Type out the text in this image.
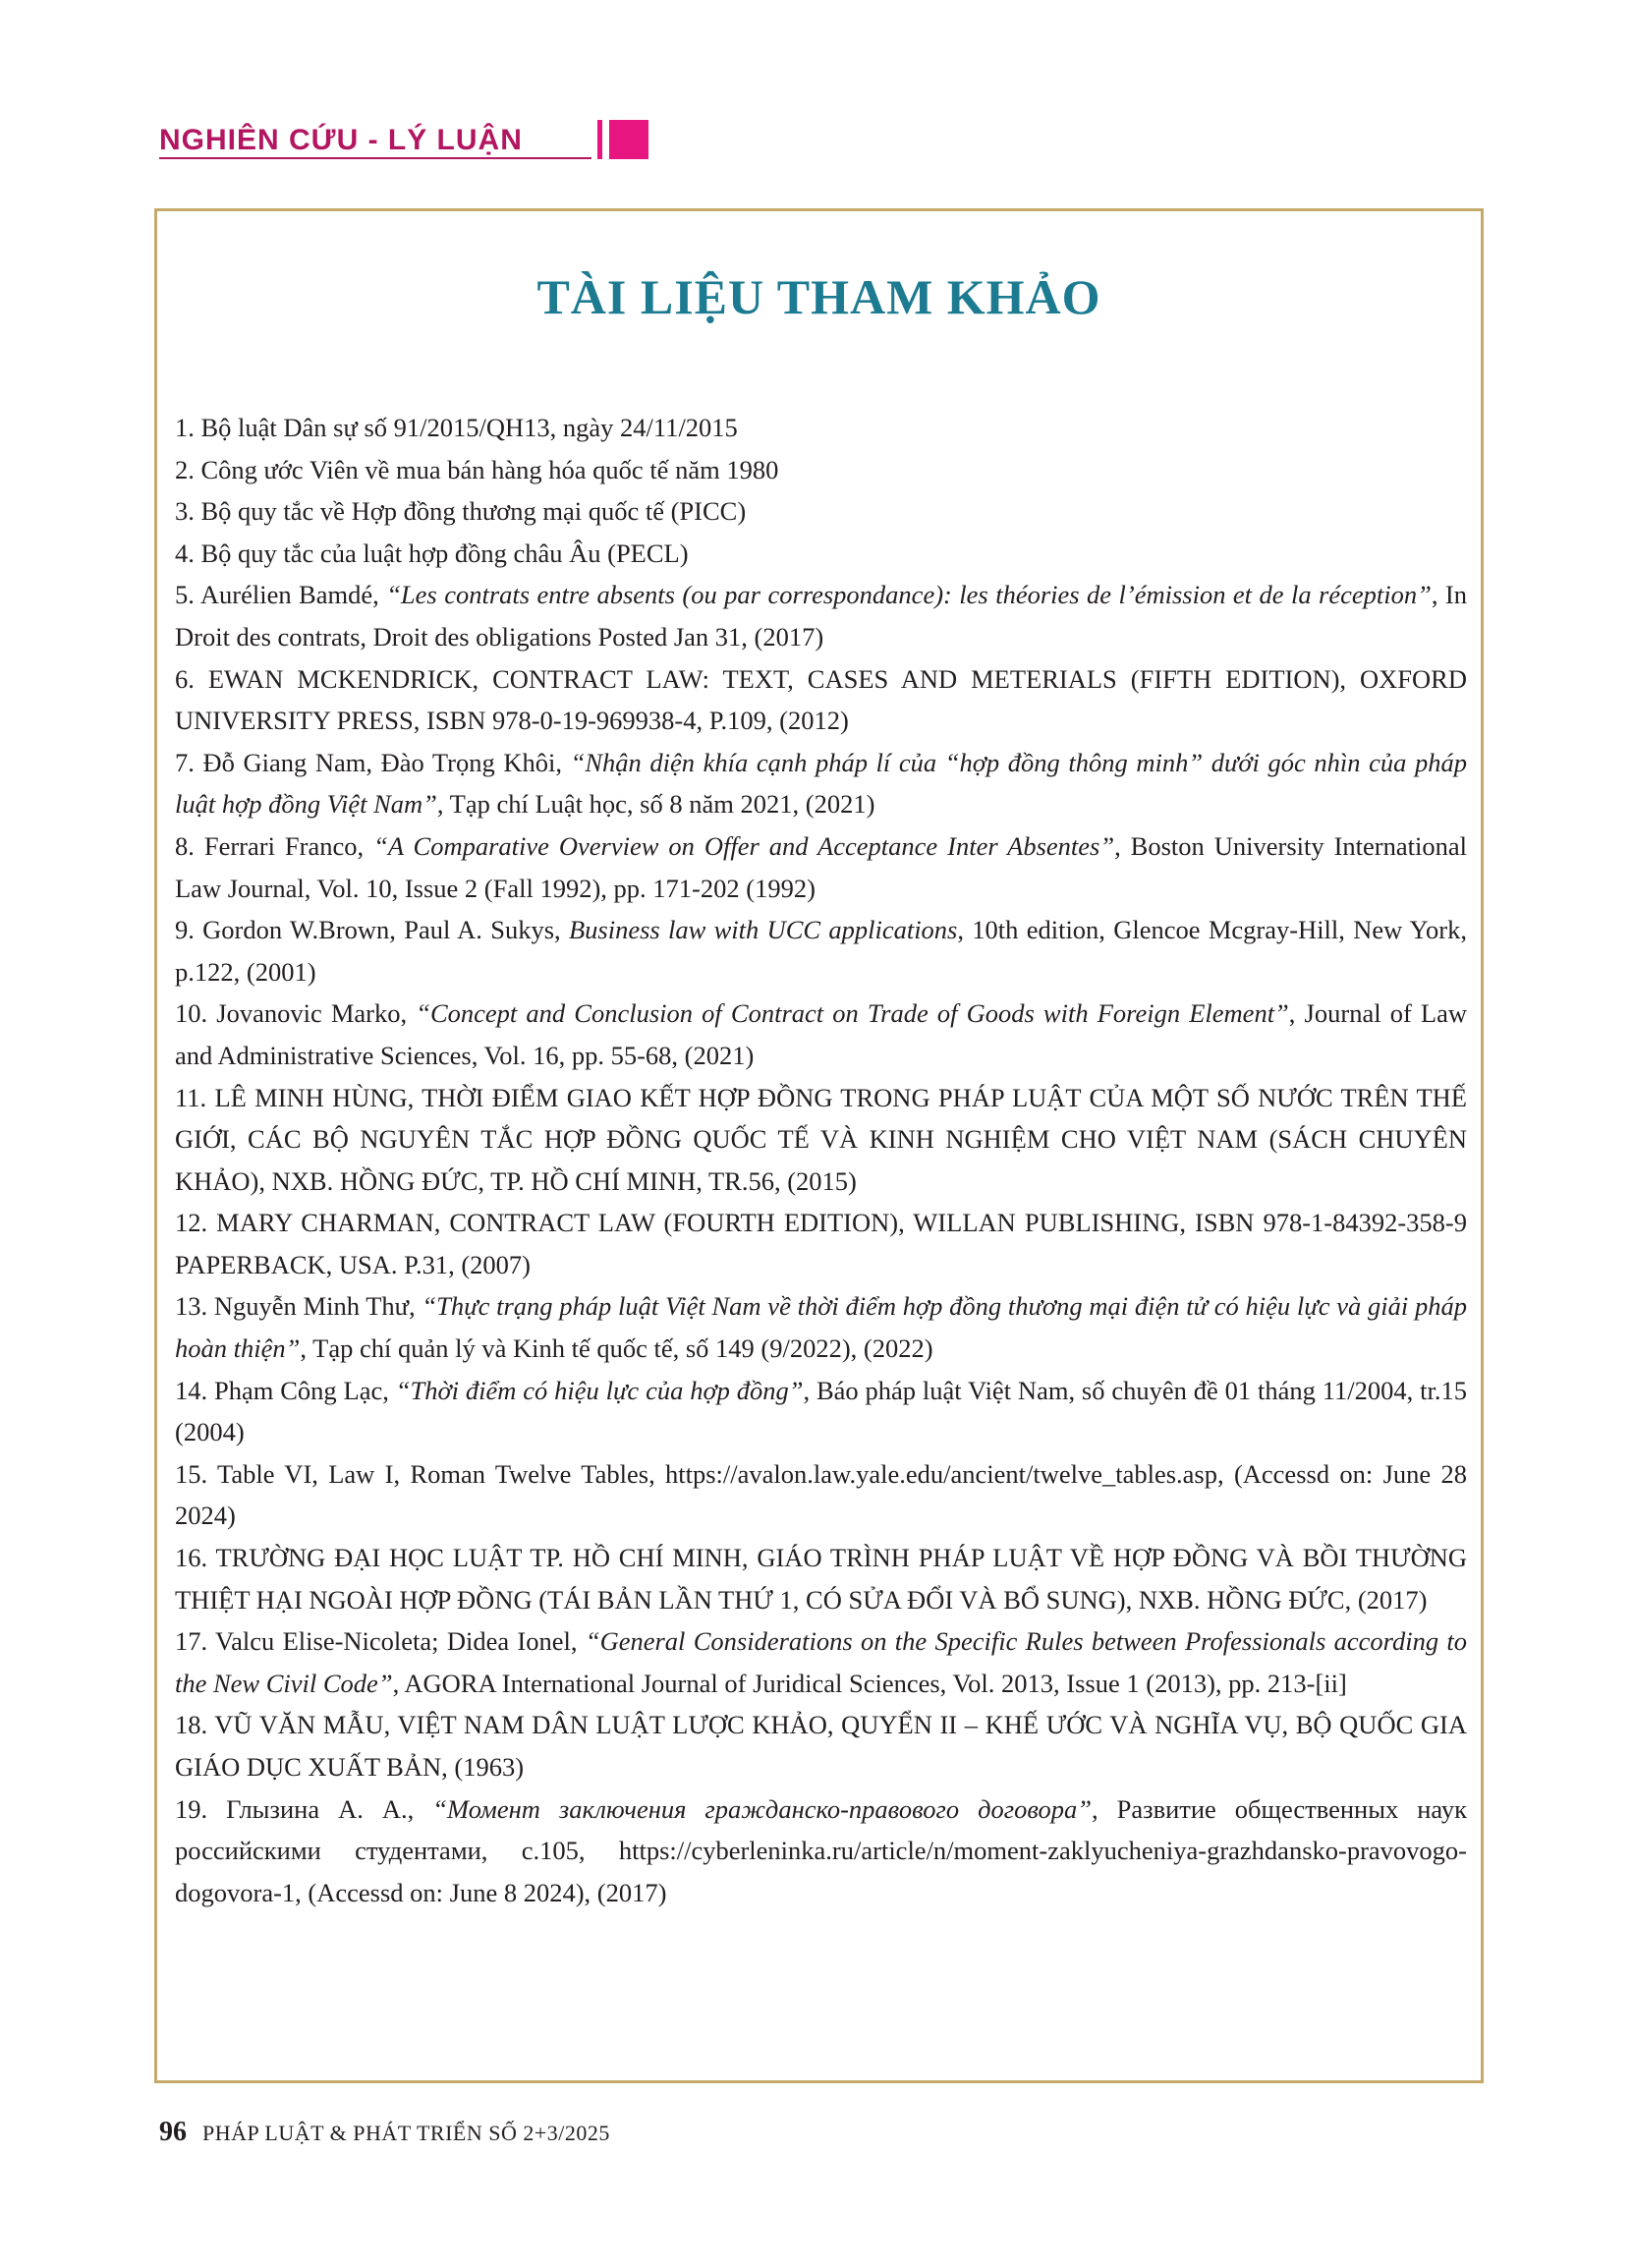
NGHIÊN CỨU - LÝ LUẬN
TÀI LIỆU THAM KHẢO
1. Bộ luật Dân sự số 91/2015/QH13, ngày 24/11/2015
2. Công ước Viên về mua bán hàng hóa quốc tế năm 1980
3. Bộ quy tắc về Hợp đồng thương mại quốc tế (PICC)
4. Bộ quy tắc của luật hợp đồng châu Âu (PECL)
5. Aurélien Bamdé, “Les contrats entre absents (ou par correspondance): les théories de l’émission et de la réception”, In Droit des contrats, Droit des obligations Posted Jan 31, (2017)
6. EWAN MCKENDRICK, CONTRACT LAW: TEXT, CASES AND METERIALS (FIFTH EDITION), OXFORD UNIVERSITY PRESS, ISBN 978-0-19-969938-4, P.109, (2012)
7. Đỗ Giang Nam, Đào Trọng Khôi, “Nhận diện khía cạnh pháp lí của “hợp đồng thông minh” dưới góc nhìn của pháp luật hợp đồng Việt Nam”, Tạp chí Luật học, số 8 năm 2021, (2021)
8. Ferrari Franco, “A Comparative Overview on Offer and Acceptance Inter Absentes”, Boston University International Law Journal, Vol. 10, Issue 2 (Fall 1992), pp. 171-202 (1992)
9. Gordon W.Brown, Paul A. Sukys, Business law with UCC applications, 10th edition, Glencoe Mcgray-Hill, New York, p.122, (2001)
10. Jovanovic Marko, “Concept and Conclusion of Contract on Trade of Goods with Foreign Element”, Journal of Law and Administrative Sciences, Vol. 16, pp. 55-68, (2021)
11. LÊ MINH HÙNG, THỜI ĐIỂM GIAO KẾT HỢP ĐỒNG TRONG PHÁP LUẬT CỦA MỘT SỐ NƯỚC TRÊN THẾ GIỚI, CÁC BỘ NGUYÊN TẮC HỢP ĐỒNG QUỐC TẾ VÀ KINH NGHIỆM CHO VIỆT NAM (SÁCH CHUYÊN KHẢO), NXB. HỒNG ĐỨC, TP. HỒ CHÍ MINH, TR.56, (2015)
12. MARY CHARMAN, CONTRACT LAW (FOURTH EDITION), WILLAN PUBLISHING, ISBN 978-1-84392-358-9 PAPERBACK, USA. P.31, (2007)
13. Nguyễn Minh Thư, “Thực trạng pháp luật Việt Nam về thời điểm hợp đồng thương mại điện tử có hiệu lực và giải pháp hoàn thiện”, Tạp chí quản lý và Kinh tế quốc tế, số 149 (9/2022), (2022)
14. Phạm Công Lạc, “Thời điểm có hiệu lực của hợp đồng”, Báo pháp luật Việt Nam, số chuyên đề 01 tháng 11/2004, tr.15 (2004)
15. Table VI, Law I, Roman Twelve Tables, https://avalon.law.yale.edu/ancient/twelve_tables.asp, (Accessd on: June 28 2024)
16. TRƯỜNG ĐẠI HỌC LUẬT TP. HỒ CHÍ MINH, GIÁO TRÌNH PHÁP LUẬT VỀ HỢP ĐỒNG VÀ BỒI THƯỜNG THIỆT HẠI NGOÀI HỢP ĐỒNG (TÁI BẢN LẦN THỨ 1, CÓ SỬA ĐỔI VÀ BỔ SUNG), NXB. HỒNG ĐỨC, (2017)
17. Valcu Elise-Nicoleta; Didea Ionel, “General Considerations on the Specific Rules between Professionals according to the New Civil Code”, AGORA International Journal of Juridical Sciences, Vol. 2013, Issue 1 (2013), pp. 213-[ii]
18. VŨ VĂN MẪU, VIỆT NAM DÂN LUẬT LƯỢC KHẢO, QUYỂN II – KHẾ ƯỚC VÀ NGHĨA VỤ, BỘ QUỐC GIA GIÁO DỤC XUẤT BẢN, (1963)
19. Глызина А. А., “Момент заключения гражданско-правового договора”, Развитие общественных наук российскими студентами, с.105, https://cyberleninka.ru/article/n/moment-zaklyucheniya-grazhdansko-pravovogo-dogovora-1, (Accessd on: June 8 2024), (2017)
96 PHÁP LUẬT & PHÁT TRIỂN SỐ 2+3/2025
